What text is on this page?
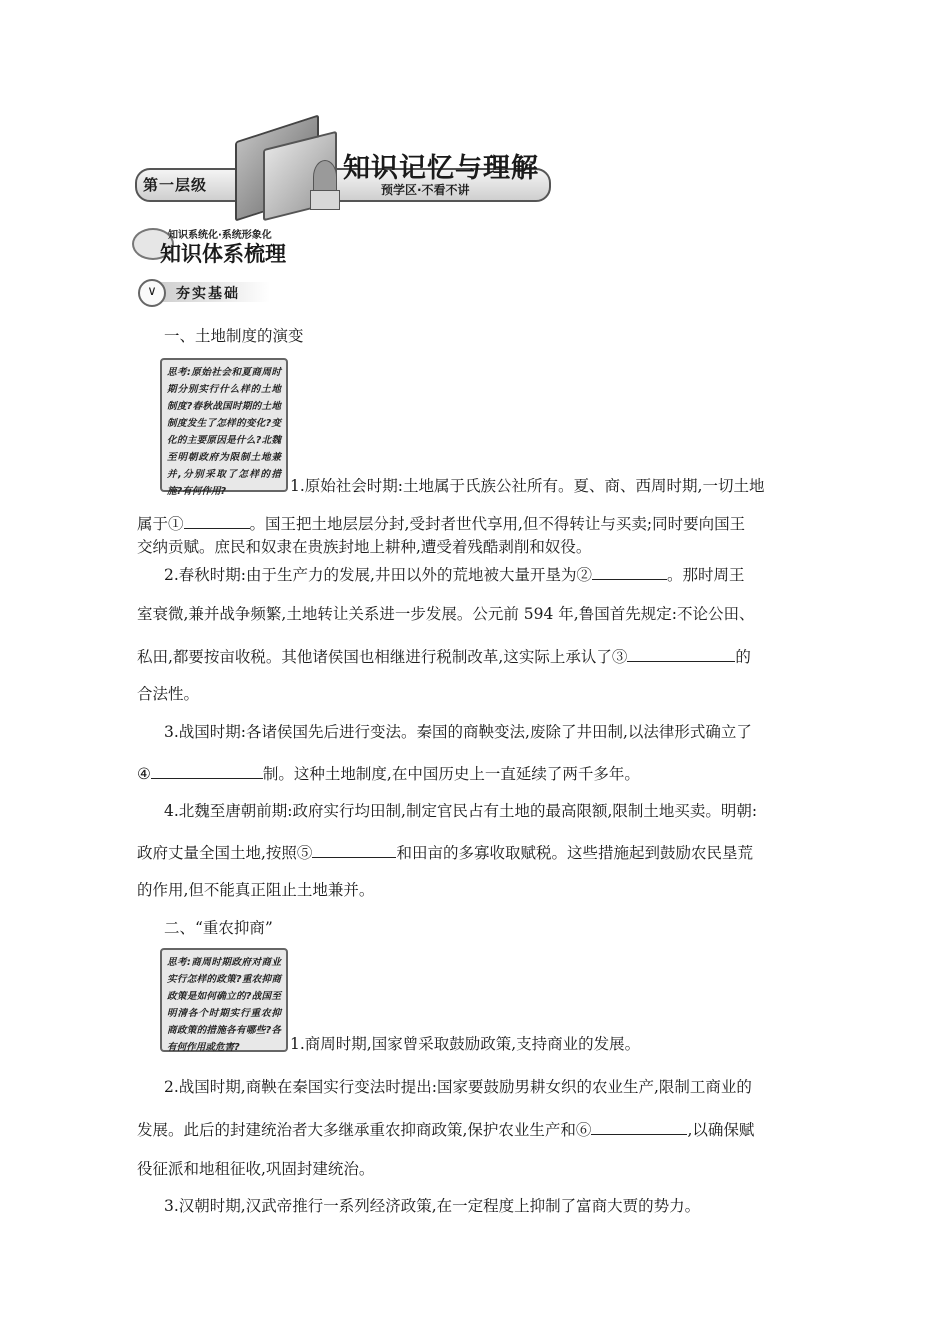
第一层级
知识记忆与理解
预学区·不看不讲
知识系统化·系统形象化
知识体系梳理
∨	夯实基础
一、土地制度的演变
思考:原始社会和夏商周时期分别实行什么样的土地制度?春秋战国时期的土地制度发生了怎样的变化?变化的主要原因是什么?北魏至明朝政府为限制土地兼并,分别采取了怎样的措施?有何作用?	1.原始社会时期:土地属于氏族公社所有。夏、商、西周时期,一切土地
属于①	。国王把土地层层分封,受封者世代享用,但不得转让与买卖;同时要向国王
交纳贡赋。庶民和奴隶在贵族封地上耕种,遭受着残酷剥削和奴役。
2.春秋时期:由于生产力的发展,井田以外的荒地被大量开垦为②	。那时周王
室衰微,兼并战争频繁,土地转让关系进一步发展。公元前 594 年,鲁国首先规定:不论公田、
私田,都要按亩收税。其他诸侯国也相继进行税制改革,这实际上承认了③	的
合法性。
3.战国时期:各诸侯国先后进行变法。秦国的商鞅变法,废除了井田制,以法律形式确立了
④	制。这种土地制度,在中国历史上一直延续了两千多年。
4.北魏至唐朝前期:政府实行均田制,制定官民占有土地的最高限额,限制土地买卖。明朝:
政府丈量全国土地,按照⑤	和田亩的多寡收取赋税。这些措施起到鼓励农民垦荒
的作用,但不能真正阻止土地兼并。
二、“重农抑商”
思考:商周时期政府对商业实行怎样的政策?重农抑商政策是如何确立的?战国至明清各个时期实行重农抑商政策的措施各有哪些?各有何作用或危害?	1.商周时期,国家曾采取鼓励政策,支持商业的发展。
2.战国时期,商鞅在秦国实行变法时提出:国家要鼓励男耕女织的农业生产,限制工商业的
发展。此后的封建统治者大多继承重农抑商政策,保护农业生产和⑥	,以确保赋
役征派和地租征收,巩固封建统治。
3.汉朝时期,汉武帝推行一系列经济政策,在一定程度上抑制了富商大贾的势力。
